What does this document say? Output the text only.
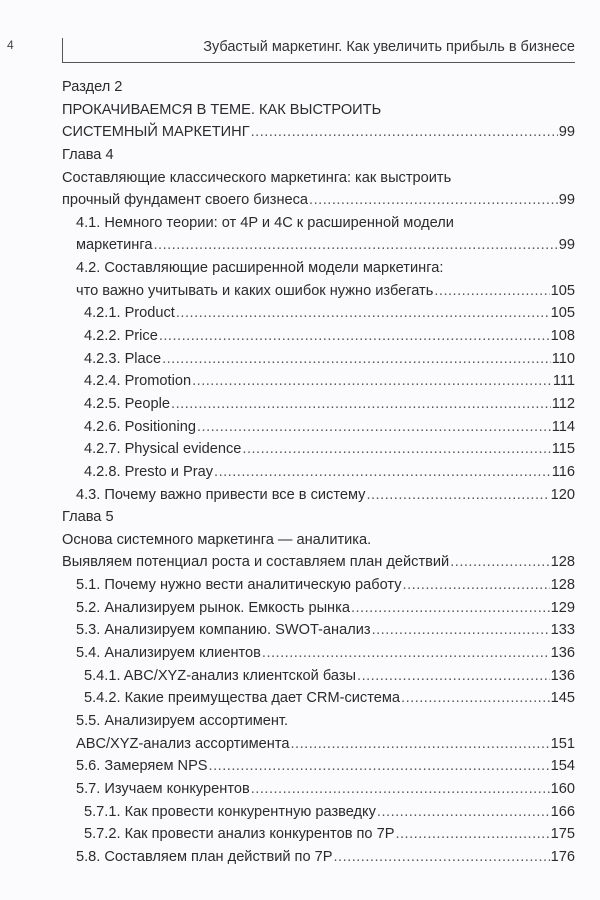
4	Зубастый маркетинг. Как увеличить прибыль в бизнесе
Раздел 2
ПРОКАЧИВАЕМСЯ В ТЕМЕ. КАК ВЫСТРОИТЬ
СИСТЕМНЫЙ МАРКЕТИНГ .....	99
Глава 4
Составляющие классического маркетинга: как выстроить
прочный фундамент своего бизнеса .....	99
4.1. Немного теории: от 4P и 4C к расширенной модели
маркетинга .....	99
4.2. Составляющие расширенной модели маркетинга:
что важно учитывать и каких ошибок нужно избегать .....	105
4.2.1. Product .....	105
4.2.2. Price .....	108
4.2.3. Place .....	110
4.2.4. Promotion .....	111
4.2.5. People .....	112
4.2.6. Positioning .....	114
4.2.7. Physical evidence .....	115
4.2.8. Presto и Pray .....	116
4.3. Почему важно привести все в систему .....	120
Глава 5
Основа системного маркетинга — аналитика.
Выявляем потенциал роста и составляем план действий .....	128
5.1. Почему нужно вести аналитическую работу .....	128
5.2. Анализируем рынок. Емкость рынка .....	129
5.3. Анализируем компанию. SWOT-анализ .....	133
5.4. Анализируем клиентов .....	136
5.4.1. ABC/XYZ-анализ клиентской базы .....	136
5.4.2. Какие преимущества дает CRM-система .....	145
5.5. Анализируем ассортимент.
ABC/XYZ-анализ ассортимента .....	151
5.6. Замеряем NPS .....	154
5.7. Изучаем конкурентов .....	160
5.7.1. Как провести конкурентную разведку .....	166
5.7.2. Как провести анализ конкурентов по 7P .....	175
5.8. Составляем план действий по 7P .....	176
